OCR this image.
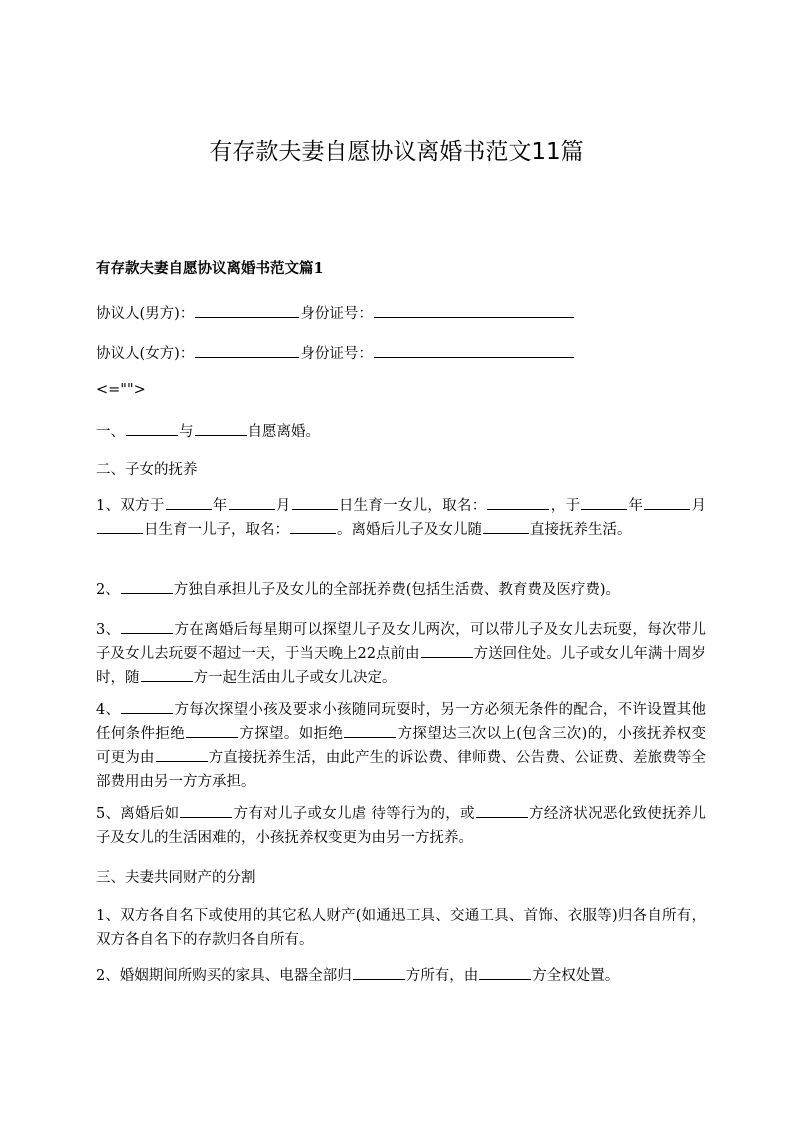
有存款夫妻自愿协议离婚书范文11篇
有存款夫妻自愿协议离婚书范文篇1
协议人(男方)：	身份证号：
协议人(女方)：	身份证号：
<="">
一、	与	自愿离婚。
二、子女的抚养
1、双方于	年	月	日生育一女儿，取名：	，于	年	月日生育一儿子，取名：	。离婚后儿子及女儿随	直接抚养生活。
2、	方独自承担儿子及女儿的全部抚养费(包括生活费、教育费及医疗费)。
3、	方在离婚后每星期可以探望儿子及女儿两次，可以带儿子及女儿去玩耍，每次带儿子及女儿去玩耍不超过一天，于当天晚上22点前由	方送回住处。儿子或女儿年满十周岁时，随	方一起生活由儿子或女儿决定。
4、	方每次探望小孩及要求小孩随同玩耍时，另一方必须无条件的配合，不许设置其他任何条件拒绝	方探望。如拒绝	方探望达三次以上(包含三次)的，小孩抚养权变可更为由	方直接抚养生活，由此产生的诉讼费、律师费、公告费、公证费、差旅费等全部费用由另一方方承担。
5、离婚后如	方有对儿子或女儿虐 待等行为的，或	方经济状况恶化致使抚养儿子及女儿的生活困难的，小孩抚养权变更为由另一方抚养。
三、夫妻共同财产的分割
1、双方各自名下或使用的其它私人财产(如通迅工具、交通工具、首饰、衣服等)归各自所有，双方各自名下的存款归各自所有。
2、婚姻期间所购买的家具、电器全部归	方所有，由	方全权处置。
